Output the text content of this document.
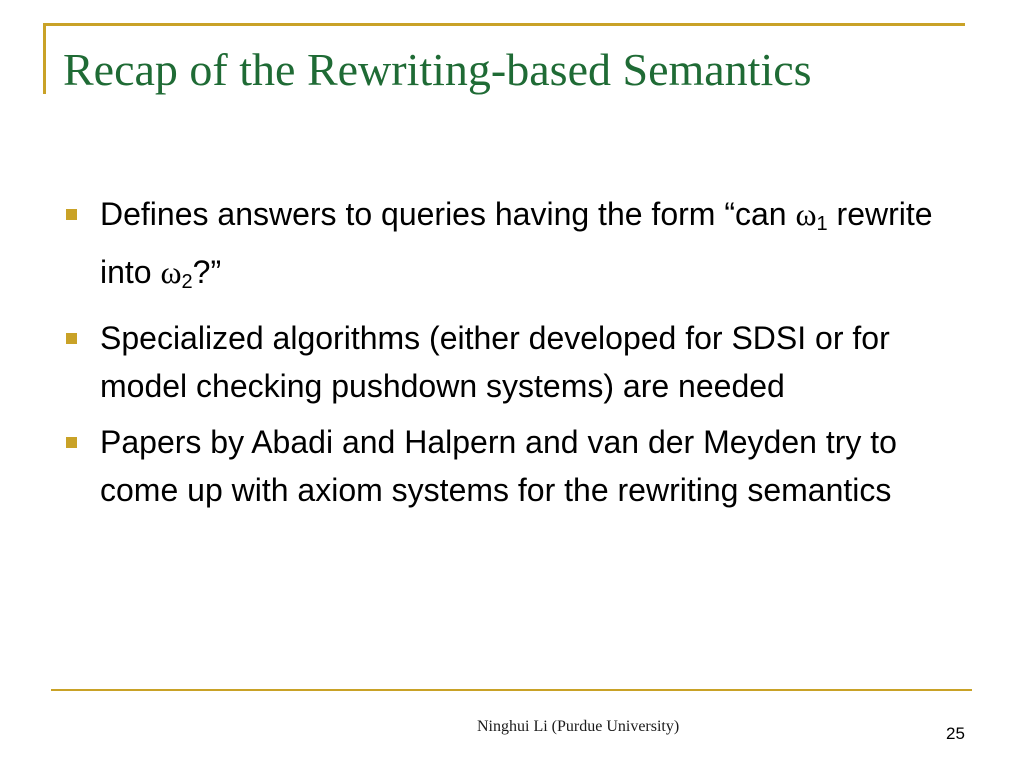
Recap of the Rewriting-based Semantics
Defines answers to queries having the form “can $\omega_1$ rewrite into $\omega_2$?”
Specialized algorithms (either developed for SDSI or for model checking pushdown systems) are needed
Papers by Abadi and Halpern and van der Meyden try to come up with axiom systems for the rewriting semantics
Ninghui Li (Purdue University)	25
